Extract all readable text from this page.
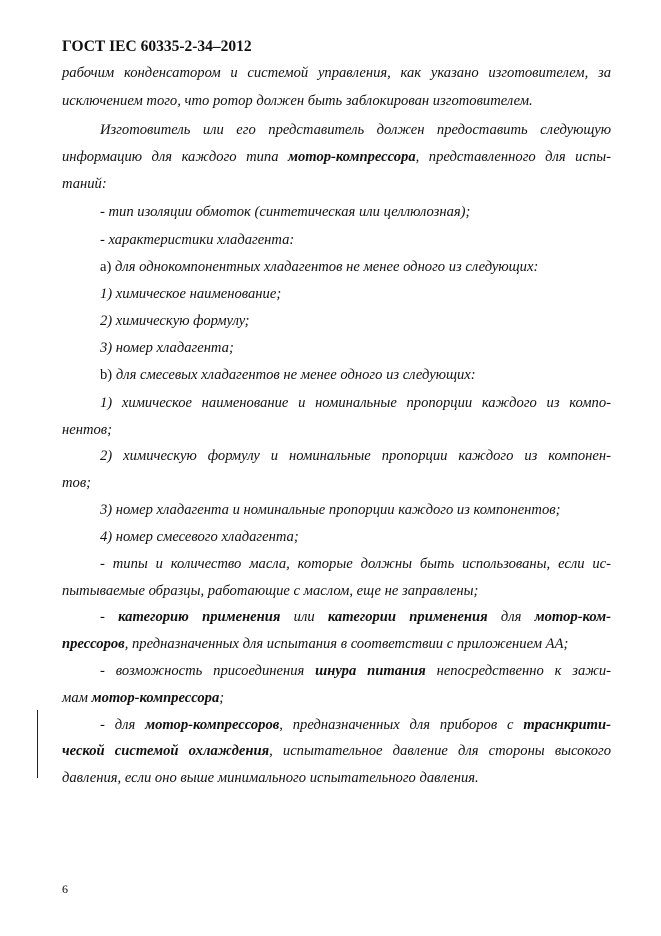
ГОСТ IEC 60335-2-34–2012
рабочим конденсатором и системой управления, как указано изготовителем, за
исключением того, что ротор должен быть заблокирован изготовителем.
Изготовитель или его представитель должен предоставить следующую
информацию для каждого типа мотор-компрессора, представленного для испы-
таний:
- тип изоляции обмоток (синтетическая или целлюлозная);
- характеристики хладагента:
а) для однокомпонентных хладагентов не менее одного из следующих:
1) химическое наименование;
2) химическую формулу;
3) номер хладагента;
b) для смесевых хладагентов не менее одного из следующих:
1) химическое наименование и номинальные пропорции каждого из компо-
нентов;
2) химическую формулу и номинальные пропорции каждого из компонен-
тов;
3) номер хладагента и номинальные пропорции каждого из компонентов;
4) номер смесевого хладагента;
- типы и количество масла, которые должны быть использованы, если ис-
пытываемые образцы, работающие с маслом, еще не заправлены;
- категорию применения или категории применения для мотор-ком-
прессоров, предназначенных для испытания в соответствии с приложением АА;
- возможность присоединения шнура питания непосредственно к зажи-
мам мотор-компрессора;
- для мотор-компрессоров, предназначенных для приборов с траснкрити-
ческой системой охлаждения, испытательное давление для стороны высокого
давления, если оно выше минимального испытательного давления.
6
